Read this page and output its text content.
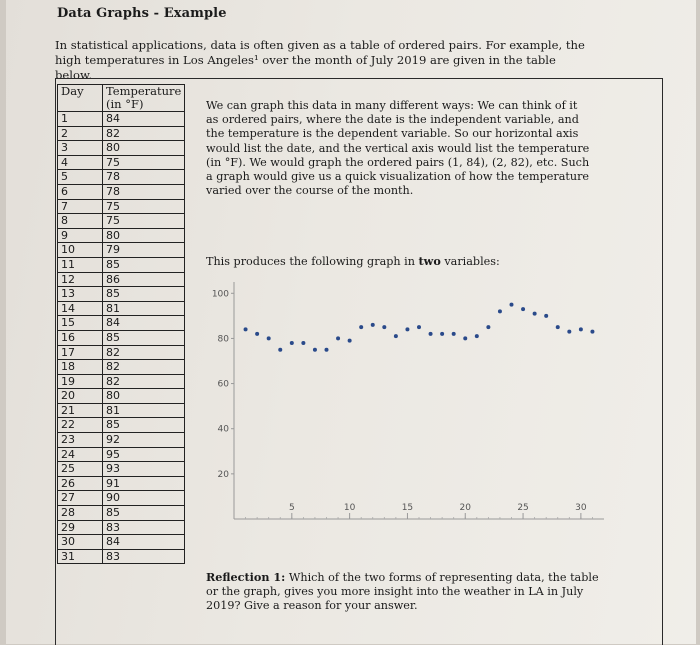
Data Graphs - Example
In statistical applications, data is often given as a table of ordered pairs. For example, the high temperatures in Los Angeles¹ over the month of July 2019 are given in the table below.
Day	Temperature (in °F)
1	84
2	82
3	80
4	75
5	78
6	78
7	75
8	75
9	80
10	79
11	85
12	86
13	85
14	81
15	84
16	85
17	82
18	82
19	82
20	80
21	81
22	85
23	92
24	95
25	93
26	91
27	90
28	85
29	83
30	84
31	83
We can graph this data in many different ways: We can think of it as ordered pairs, where the date is the independent variable, and the temperature is the dependent variable. So our horizontal axis would list the date, and the vertical axis would list the temperature (in °F). We would graph the ordered pairs (1, 84), (2, 82), etc. Such a graph would give us a quick visualization of how the temperature varied over the course of the month.
This produces the following graph in two variables:
20
40
60
80
100
5	10	15	20	25	30
Reflection 1: Which of the two forms of representing data, the table or the graph, gives you more insight into the weather in LA in July 2019? Give a reason for your answer.
